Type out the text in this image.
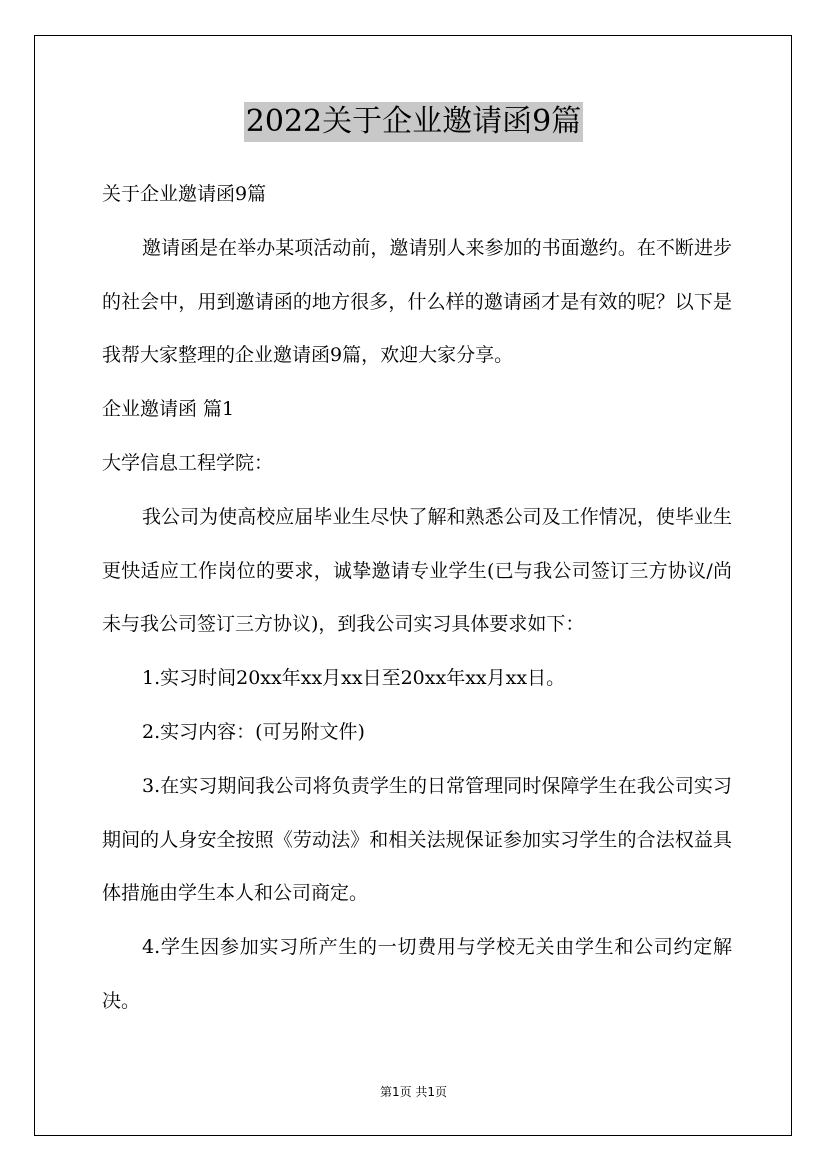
2022关于企业邀请函9篇

关于企业邀请函9篇

邀请函是在举办某项活动前，邀请别人来参加的书面邀约。在不断进步的社会中，用到邀请函的地方很多，什么样的邀请函才是有效的呢？以下是我帮大家整理的企业邀请函9篇，欢迎大家分享。

企业邀请函 篇1

大学信息工程学院：

我公司为使高校应届毕业生尽快了解和熟悉公司及工作情况，使毕业生更快适应工作岗位的要求，诚挚邀请专业学生(已与我公司签订三方协议/尚未与我公司签订三方协议)，到我公司实习具体要求如下：

1.实习时间20xx年xx月xx日至20xx年xx月xx日。

2.实习内容：(可另附文件)

3.在实习期间我公司将负责学生的日常管理同时保障学生在我公司实习期间的人身安全按照《劳动法》和相关法规保证参加实习学生的合法权益具体措施由学生本人和公司商定。

4.学生因参加实习所产生的一切费用与学校无关由学生和公司约定解决。

第1页 共1页
